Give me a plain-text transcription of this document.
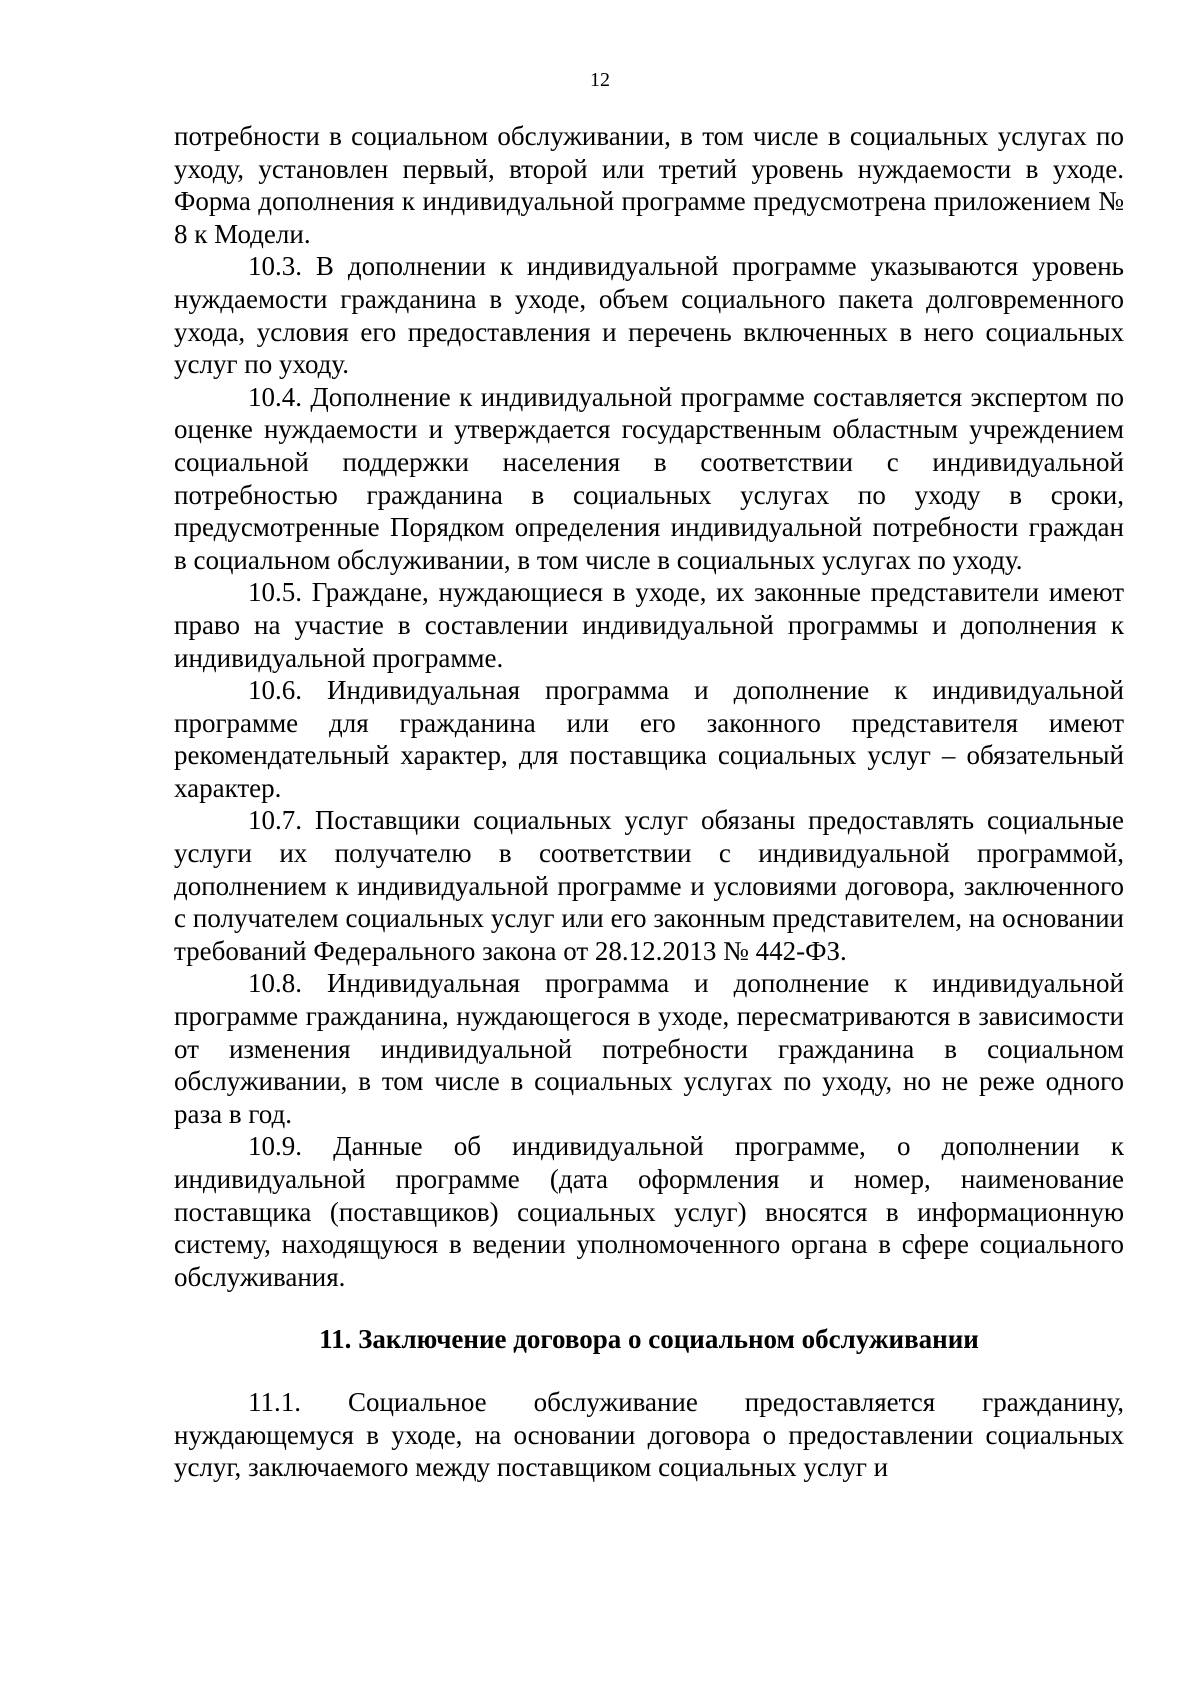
12

потребности в социальном обслуживании, в том числе в социальных услугах по уходу, установлен первый, второй или третий уровень нуждаемости в уходе. Форма дополнения к индивидуальной программе предусмотрена приложением № 8 к Модели.

10.3. В дополнении к индивидуальной программе указываются уровень нуждаемости гражданина в уходе, объем социального пакета долговременного ухода, условия его предоставления и перечень включенных в него социальных услуг по уходу.

10.4. Дополнение к индивидуальной программе составляется экспертом по оценке нуждаемости и утверждается государственным областным учреждением социальной поддержки населения в соответствии с индивидуальной потребностью гражданина в социальных услугах по уходу в сроки, предусмотренные Порядком определения индивидуальной потребности граждан в социальном обслуживании, в том числе в социальных услугах по уходу.

10.5. Граждане, нуждающиеся в уходе, их законные представители имеют право на участие в составлении индивидуальной программы и дополнения к индивидуальной программе.

10.6. Индивидуальная программа и дополнение к индивидуальной программе для гражданина или его законного представителя имеют рекомендательный характер, для поставщика социальных услуг – обязательный характер.

10.7. Поставщики социальных услуг обязаны предоставлять социальные услуги их получателю в соответствии с индивидуальной программой, дополнением к индивидуальной программе и условиями договора, заключенного с получателем социальных услуг или его законным представителем, на основании требований Федерального закона от 28.12.2013 № 442-ФЗ.

10.8. Индивидуальная программа и дополнение к индивидуальной программе гражданина, нуждающегося в уходе, пересматриваются в зависимости от изменения индивидуальной потребности гражданина в социальном обслуживании, в том числе в социальных услугах по уходу, но не реже одного раза в год.

10.9. Данные об индивидуальной программе, о дополнении к индивидуальной программе (дата оформления и номер, наименование поставщика (поставщиков) социальных услуг) вносятся в информационную систему, находящуюся в ведении уполномоченного органа в сфере социального обслуживания.

11. Заключение договора о социальном обслуживании

11.1. Социальное обслуживание предоставляется гражданину, нуждающемуся в уходе, на основании договора о предоставлении социальных услуг, заключаемого между поставщиком социальных услуг и
